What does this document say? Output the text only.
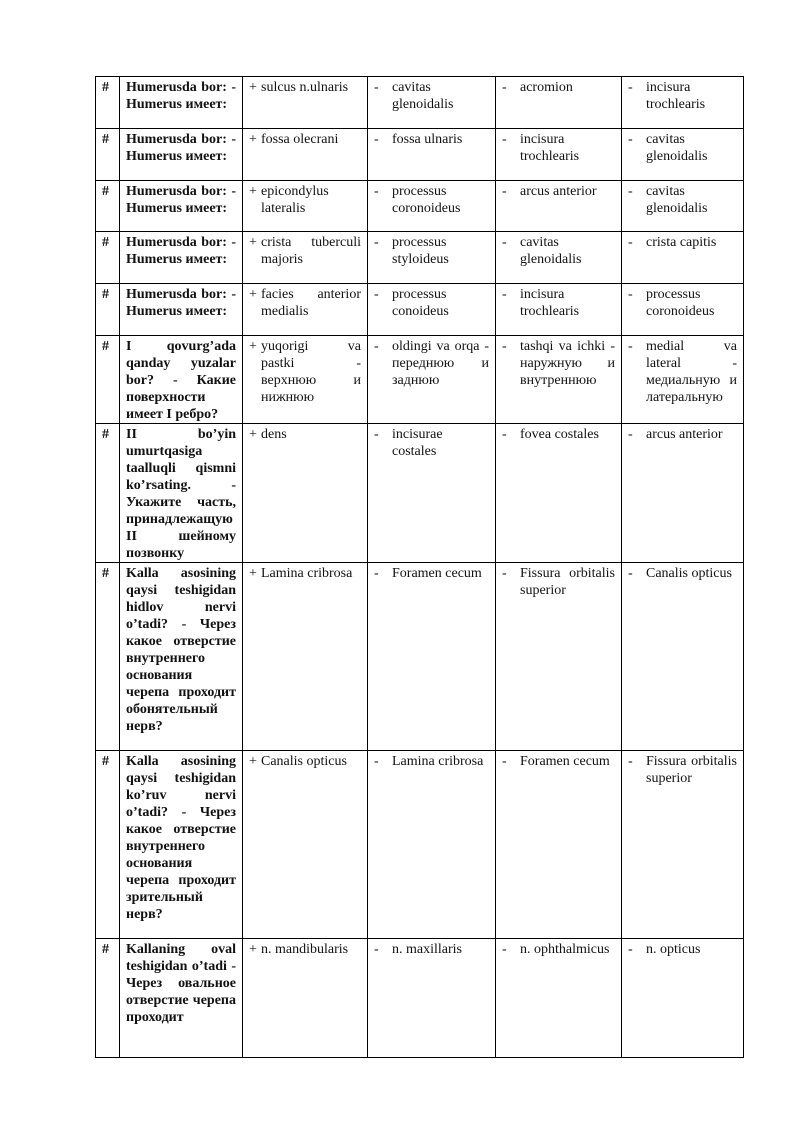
#	Humerusda bor: - Humerus имеет:	+ sulcus n.ulnaris	- cavitas glenoidalis	- acromion	- incisura trochlearis

#	Humerusda bor: - Humerus имеет:	+ fossa olecrani	- fossa ulnaris	- incisura trochlearis	- cavitas glenoidalis

#	Humerusda bor: - Humerus имеет:	+ epicondylus lateralis	- processus coronoideus	- arcus anterior	- cavitas glenoidalis

#	Humerusda bor: - Humerus имеет:	+ crista tuberculi majoris	- processus styloideus	- cavitas glenoidalis	- crista capitis

#	Humerusda bor: - Humerus имеет:	+ facies anterior medialis	- processus conoideus	- incisura trochlearis	- processus coronoideus

#	I qovurg’ada qanday yuzalar bor? - Какие поверхности имеет I ребро?	+ yuqorigi va pastki - верхнюю и нижнюю	- oldingi va orqa - переднюю и заднюю	- tashqi va ichki - наружную и внутреннюю	- medial va lateral - медиальную и латеральную

#	II bo’yin umurtqasiga taalluqli qismni ko’rsating. - Укажите часть, принадлежащую II шейному позвонку	+ dens	- incisurae costales	- fovea costales	- arcus anterior

#	Kalla asosining qaysi teshigidan hidlov nervi o’tadi? - Через какое отверстие внутреннего основания черепа проходит обонятельный нерв?	+ Lamina cribrosa	- Foramen cecum	- Fissura orbitalis superior	- Canalis opticus

#	Kalla asosining qaysi teshigidan ko’ruv nervi o’tadi? - Через какое отверстие внутреннего основания черепа проходит зрительный нерв?	+ Canalis opticus	- Lamina cribrosa	- Foramen cecum	- Fissura orbitalis superior

#	Kallaning oval teshigidan o’tadi - Через овальное отверстие черепа проходит	+ n. mandibularis	- n. maxillaris	- n. ophthalmicus	- n. opticus
